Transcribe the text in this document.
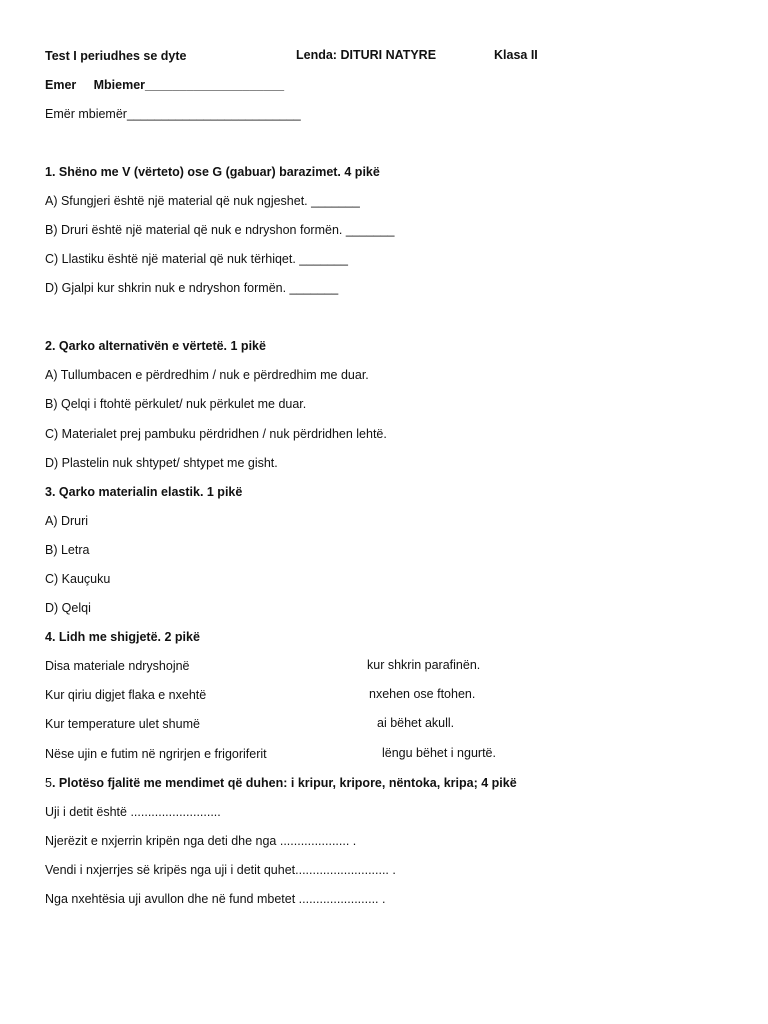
Test I periudhes se dyte	Lenda: DITURI NATYRE	Klasa II
Emer     Mbiemer____________________
Emër mbiemër_________________________
1. Shëno me V (vërteto) ose G (gabuar) barazimet. 4 pikë
A) Sfungjeri është një material që nuk ngjeshet. _______
B) Druri është një material që nuk e ndryshon formën. _______
C) Llastiku është një material që nuk tërhiqet. _______
D) Gjalpi kur shkrin nuk e ndryshon formën. _______
2. Qarko alternativën e vërtetë. 1 pikë
A) Tullumbacen e përdredhim / nuk e përdredhim me duar.
B) Qelqi i ftohtë përkulet/ nuk përkulet me duar.
C) Materialet prej pambuku përdridhen / nuk përdridhen lehtë.
D) Plastelin nuk shtypet/ shtypet me gisht.
3. Qarko materialin elastik. 1 pikë
A) Druri
B) Letra
C) Kauçuku
D) Qelqi
4. Lidh me shigjetë. 2 pikë
Disa materiale ndryshojnë	kur shkrin parafinën.
Kur qiriu digjet flaka e nxehtë	nxehen ose ftohen.
Kur temperature ulet shumë	ai bëhet akull.
Nëse ujin e futim në ngrirjen e frigoriferit	lëngu bëhet i ngurtë.
5. Plotëso fjalitë me mendimet që duhen: i kripur, kripore, nëntoka, kripa; 4 pikë
Uji i detit është ..........................
Njerëzit e nxjerrin kripën nga deti dhe nga .................... .
Vendi i nxjerrjes së kripës nga uji i detit quhet........................... .
Nga nxehtësia uji avullon dhe në fund mbetet ....................... .
